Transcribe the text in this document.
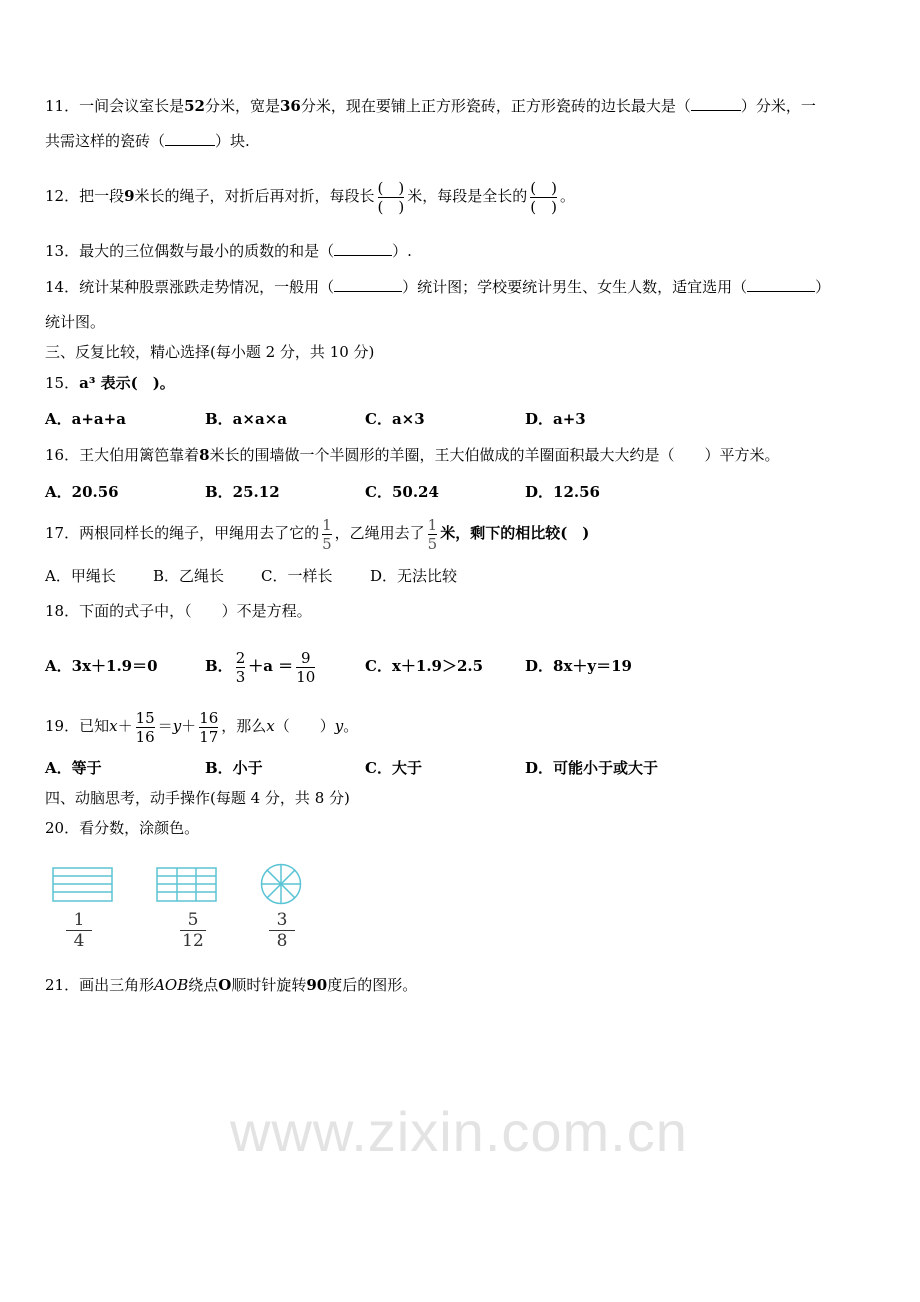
www.zixin.com.cn
11．一间会议室长是52分米，宽是36分米，现在要铺上正方形瓷砖，正方形瓷砖的边长最大是（	）分米，一
共需这样的瓷砖（	）块.
12．把一段9米长的绳子，对折后再对折，每段长 $\frac{( )}{( )}$ 米，每段是全长的 $\frac{( )}{( )}$ 。
13．最大的三位偶数与最小的质数的和是（	）.
14．统计某种股票涨跌走势情况，一般用（	）统计图；学校要统计男生、女生人数，适宜选用（	）
统计图。
三、反复比较，精心选择(每小题 2 分，共 10 分)
15．a³ 表示(　)。
A．a+a+a	B．a×a×a	C．a×3	D．a+3
16．王大伯用篱笆靠着8米长的围墙做一个半圆形的羊圈，王大伯做成的羊圈面积最大大约是（　　）平方米。
A．20.56	B．25.12	C．50.24	D．12.56
17．两根同样长的绳子，甲绳用去了它的 $\frac{1}{5}$ ，乙绳用去了 $\frac{1}{5}$ 米，剩下的相比较(　)
A．甲绳长 B．乙绳长 C．一样长	D．无法比较
18．下面的式子中，（　　）不是方程。
A．3x＋1.9＝0	B． $\frac{2}{3} +a = \frac{9}{10}$	C．x＋1.9＞2.5	D．8x＋y＝19
19．已知$x+ \frac{15}{16} =y+ \frac{16}{17}$ ，那么x（　　）y。
A．等于	B．小于	C．大于	D．可能小于或大于
四、动脑思考，动手操作(每题 4 分，共 8 分)
20．看分数，涂颜色。
1
4
5
12
3
8
21．画出三角形AOB绕点O顺时针旋转90度后的图形。
